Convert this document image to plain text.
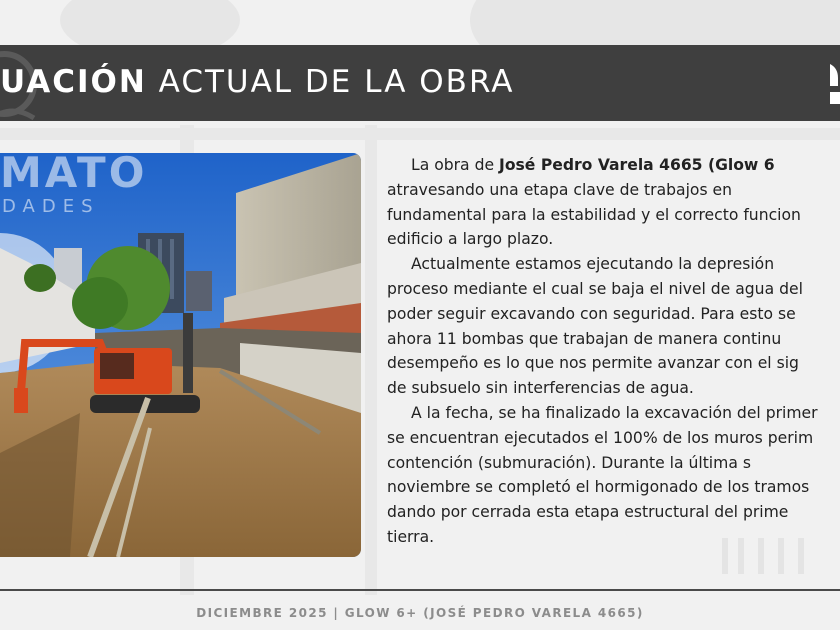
UACIÓN ACTUAL DE LA OBRA
MATO
DADES

La obra de José Pedro Varela 4665 (Glow 6
atravesando una etapa clave de trabajos en
fundamental para la estabilidad y el correcto funcion
edificio a largo plazo.

Actualmente estamos ejecutando la depresión
proceso mediante el cual se baja el nivel de agua del
poder seguir excavando con seguridad. Para esto se
ahora 11 bombas que trabajan de manera continu
desempeño es lo que nos permite avanzar con el sig
de subsuelo sin interferencias de agua.

A la fecha, se ha finalizado la excavación del primer
se encuentran ejecutados el 100% de los muros perim
contención (submuración). Durante la última s
noviembre se completó el hormigonado de los tramos
dando por cerrada esta etapa estructural del prime
tierra.

DICIEMBRE 2025 | GLOW 6+ (JOSÉ PEDRO VARELA 4665)
